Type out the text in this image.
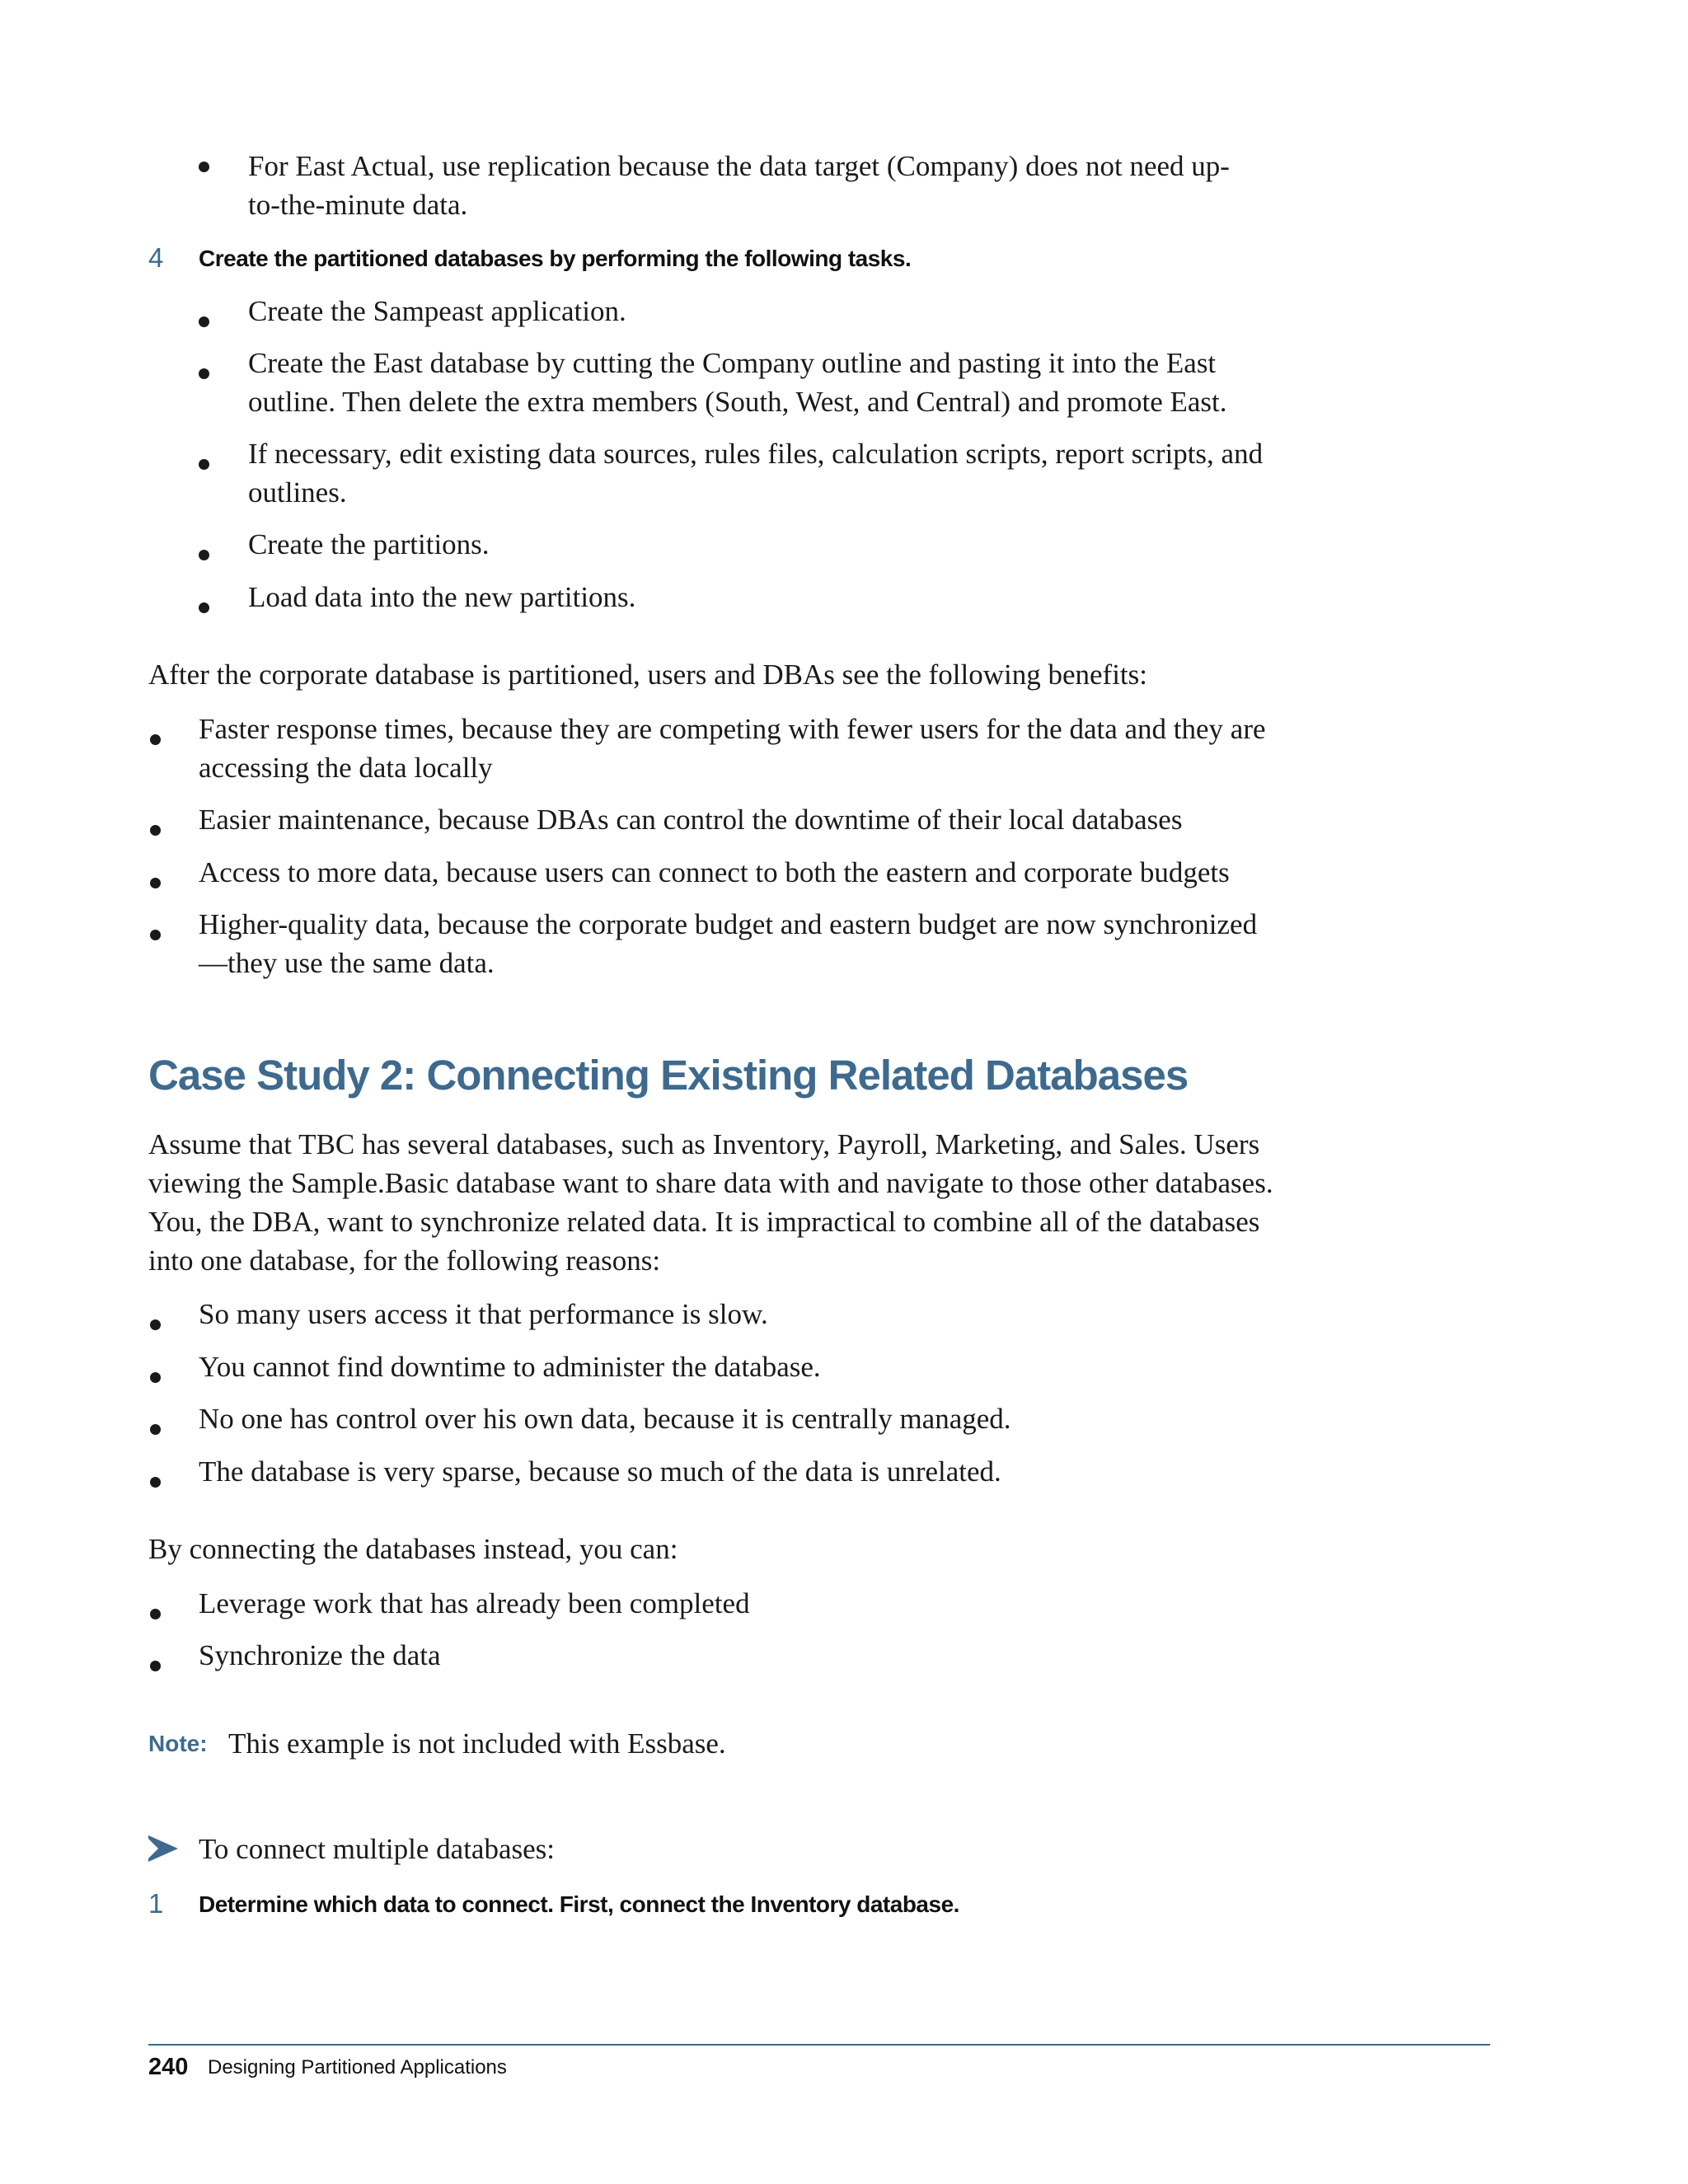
For East Actual, use replication because the data target (Company) does not need up-
to-the-minute data.
4 Create the partitioned databases by performing the following tasks.
Create the Sampeast application.
Create the East database by cutting the Company outline and pasting it into the East
outline. Then delete the extra members (South, West, and Central) and promote East.
If necessary, edit existing data sources, rules files, calculation scripts, report scripts, and
outlines.
Create the partitions.
Load data into the new partitions.
After the corporate database is partitioned, users and DBAs see the following benefits:
Faster response times, because they are competing with fewer users for the data and they are
accessing the data locally
Easier maintenance, because DBAs can control the downtime of their local databases
Access to more data, because users can connect to both the eastern and corporate budgets
Higher-quality data, because the corporate budget and eastern budget are now synchronized
—they use the same data.
Case Study 2: Connecting Existing Related Databases
Assume that TBC has several databases, such as Inventory, Payroll, Marketing, and Sales. Users
viewing the Sample.Basic database want to share data with and navigate to those other databases.
You, the DBA, want to synchronize related data. It is impractical to combine all of the databases
into one database, for the following reasons:
So many users access it that performance is slow.
You cannot find downtime to administer the database.
No one has control over his own data, because it is centrally managed.
The database is very sparse, because so much of the data is unrelated.
By connecting the databases instead, you can:
Leverage work that has already been completed
Synchronize the data
Note: This example is not included with Essbase.
To connect multiple databases:
1 Determine which data to connect. First, connect the Inventory database.
240 Designing Partitioned Applications
